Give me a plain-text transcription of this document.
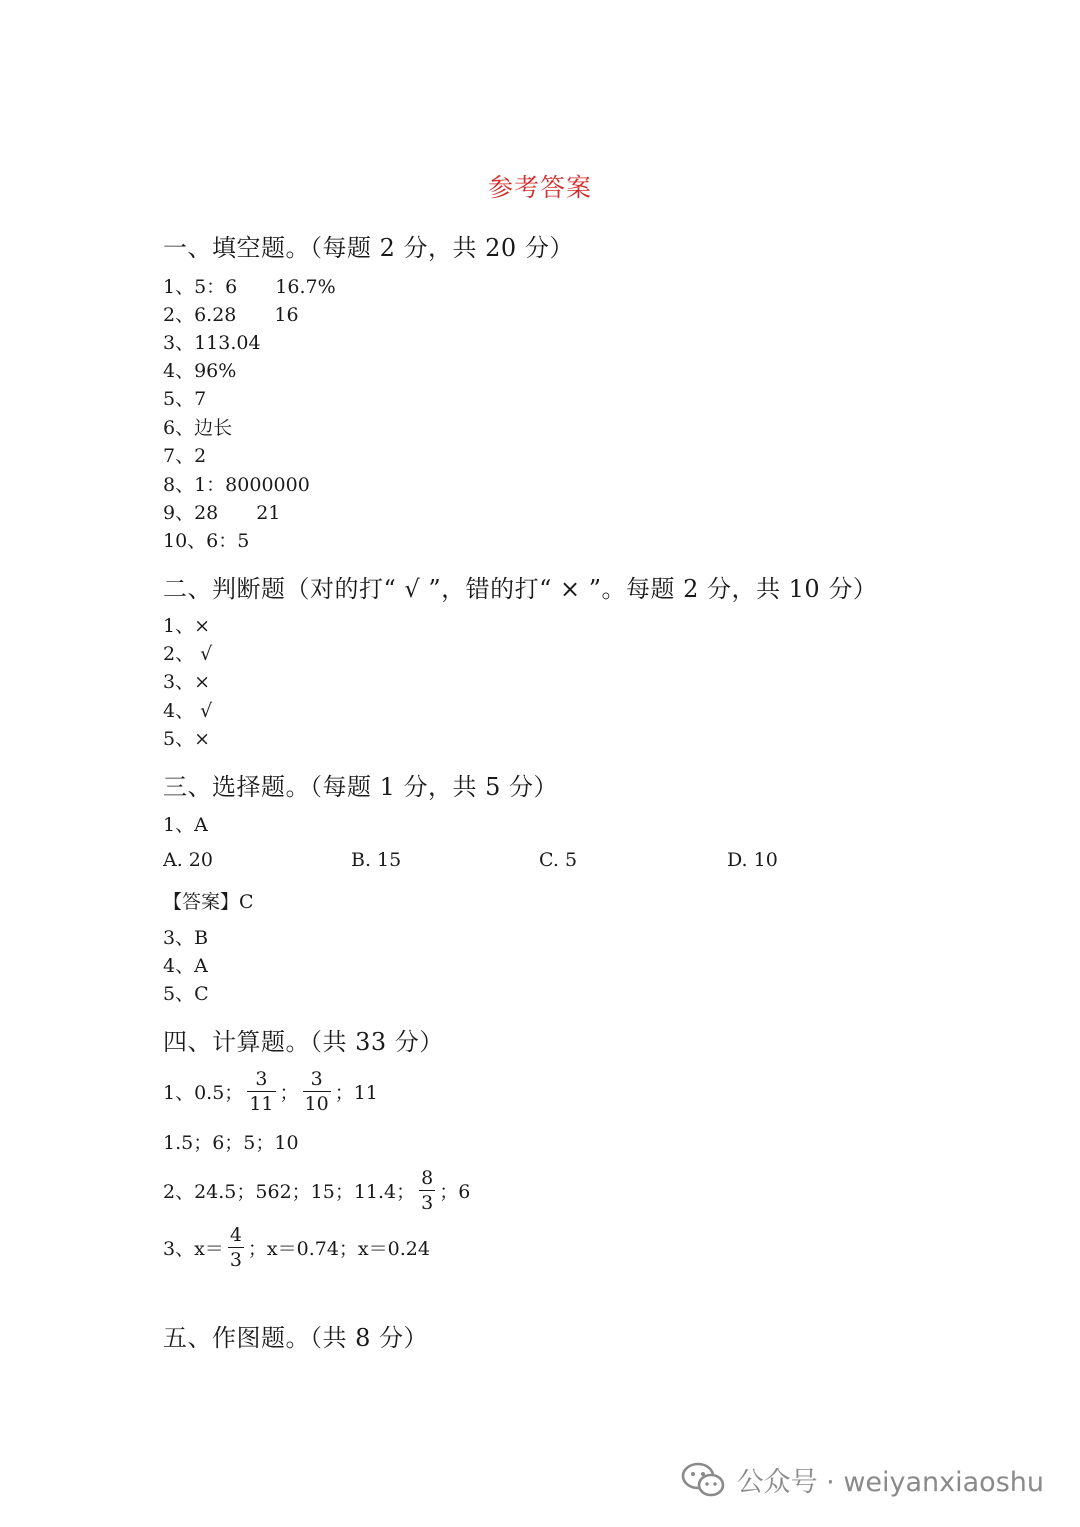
参考答案
一、填空题。（每题 2 分，共 20 分）
1、5：6 16.7%
2、6.28 16
3、113.04
4、96%
5、7
6、边长
7、2
8、1：8000000
9、28 21
10、6：5
二、判断题（对的打“ √ ”，错的打“ × ”。每题 2 分，共 10 分）
1、×
2、 √
3、×
4、 √
5、×
三、选择题。（每题 1 分，共 5 分）
1、A
A. 20	B. 15	C. 5	D. 10
【答案】C
3、B
4、A
5、C
四、计算题。（共 33 分）
1、0.5； $\frac{3}{11}$ ； $\frac{3}{10}$ ；11
1.5；6；5；10
2、24.5；562；15；11.4； $\frac{8}{3}$ ；6
3、$x= \frac{4}{3}$ ；x＝0.74；x＝0.24
五、作图题。（共 8 分）
公众号 · weiyanxiaoshu
